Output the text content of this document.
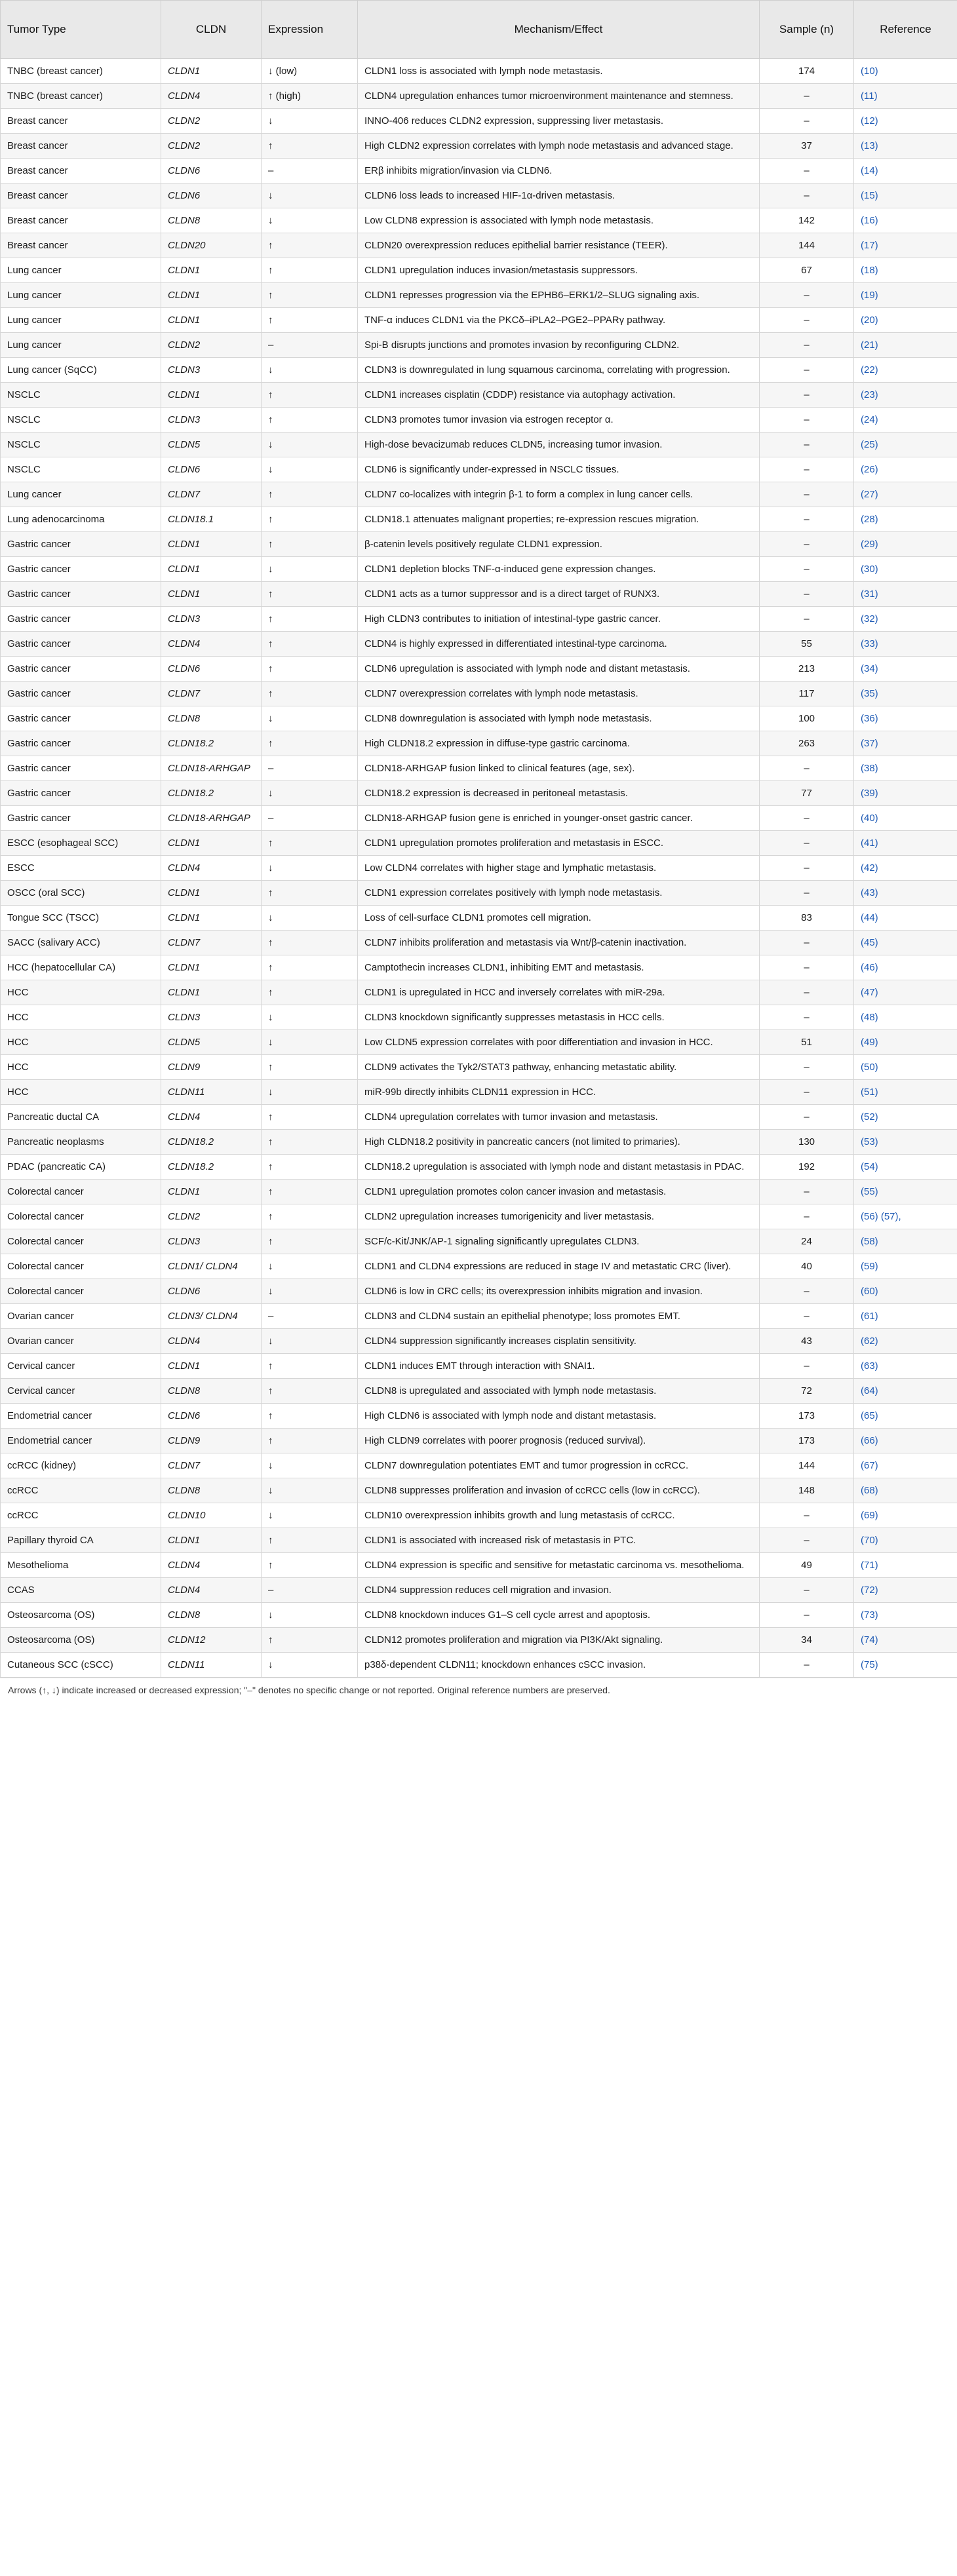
Tumor Type	CLDN	Expression	Mechanism/Effect	Sample (n)	Reference
TNBC (breast cancer)	CLDN1	↓ (low)	CLDN1 loss is associated with lymph node metastasis.	174	(10)
TNBC (breast cancer)	CLDN4	↑ (high)	CLDN4 upregulation enhances tumor microenvironment maintenance and stemness.	–	(11)
Breast cancer	CLDN2	↓	INNO-406 reduces CLDN2 expression, suppressing liver metastasis.	–	(12)
Breast cancer	CLDN2	↑	High CLDN2 expression correlates with lymph node metastasis and advanced stage.	37	(13)
Breast cancer	CLDN6	–	ERβ inhibits migration/invasion via CLDN6.	–	(14)
Breast cancer	CLDN6	↓	CLDN6 loss leads to increased HIF-1α-driven metastasis.	–	(15)
Breast cancer	CLDN8	↓	Low CLDN8 expression is associated with lymph node metastasis.	142	(16)
Breast cancer	CLDN20	↑	CLDN20 overexpression reduces epithelial barrier resistance (TEER).	144	(17)
Lung cancer	CLDN1	↑	CLDN1 upregulation induces invasion/metastasis suppressors.	67	(18)
Lung cancer	CLDN1	↑	CLDN1 represses progression via the EPHB6–ERK1/2–SLUG signaling axis.	–	(19)
Lung cancer	CLDN1	↑	TNF-α induces CLDN1 via the PKCδ–iPLA2–PGE2–PPARγ pathway.	–	(20)
Lung cancer	CLDN2	–	Spi-B disrupts junctions and promotes invasion by reconfiguring CLDN2.	–	(21)
Lung cancer (SqCC)	CLDN3	↓	CLDN3 is downregulated in lung squamous carcinoma, correlating with progression.	–	(22)
NSCLC	CLDN1	↑	CLDN1 increases cisplatin (CDDP) resistance via autophagy activation.	–	(23)
NSCLC	CLDN3	↑	CLDN3 promotes tumor invasion via estrogen receptor α.	–	(24)
NSCLC	CLDN5	↓	High-dose bevacizumab reduces CLDN5, increasing tumor invasion.	–	(25)
NSCLC	CLDN6	↓	CLDN6 is significantly under-expressed in NSCLC tissues.	–	(26)
Lung cancer	CLDN7	↑	CLDN7 co-localizes with integrin β-1 to form a complex in lung cancer cells.	–	(27)
Lung adenocarcinoma	CLDN18.1	↑	CLDN18.1 attenuates malignant properties; re-expression rescues migration.	–	(28)
Gastric cancer	CLDN1	↑	β-catenin levels positively regulate CLDN1 expression.	–	(29)
Gastric cancer	CLDN1	↓	CLDN1 depletion blocks TNF-α-induced gene expression changes.	–	(30)
Gastric cancer	CLDN1	↑	CLDN1 acts as a tumor suppressor and is a direct target of RUNX3.	–	(31)
Gastric cancer	CLDN3	↑	High CLDN3 contributes to initiation of intestinal-type gastric cancer.	–	(32)
Gastric cancer	CLDN4	↑	CLDN4 is highly expressed in differentiated intestinal-type carcinoma.	55	(33)
Gastric cancer	CLDN6	↑	CLDN6 upregulation is associated with lymph node and distant metastasis.	213	(34)
Gastric cancer	CLDN7	↑	CLDN7 overexpression correlates with lymph node metastasis.	117	(35)
Gastric cancer	CLDN8	↓	CLDN8 downregulation is associated with lymph node metastasis.	100	(36)
Gastric cancer	CLDN18.2	↑	High CLDN18.2 expression in diffuse-type gastric carcinoma.	263	(37)
Gastric cancer	CLDN18-ARHGAP	–	CLDN18-ARHGAP fusion linked to clinical features (age, sex).	–	(38)
Gastric cancer	CLDN18.2	↓	CLDN18.2 expression is decreased in peritoneal metastasis.	77	(39)
Gastric cancer	CLDN18-ARHGAP	–	CLDN18-ARHGAP fusion gene is enriched in younger-onset gastric cancer.	–	(40)
ESCC (esophageal SCC)	CLDN1	↑	CLDN1 upregulation promotes proliferation and metastasis in ESCC.	–	(41)
ESCC	CLDN4	↓	Low CLDN4 correlates with higher stage and lymphatic metastasis.	–	(42)
OSCC (oral SCC)	CLDN1	↑	CLDN1 expression correlates positively with lymph node metastasis.	–	(43)
Tongue SCC (TSCC)	CLDN1	↓	Loss of cell-surface CLDN1 promotes cell migration.	83	(44)
SACC (salivary ACC)	CLDN7	↑	CLDN7 inhibits proliferation and metastasis via Wnt/β-catenin inactivation.	–	(45)
HCC (hepatocellular CA)	CLDN1	↑	Camptothecin increases CLDN1, inhibiting EMT and metastasis.	–	(46)
HCC	CLDN1	↑	CLDN1 is upregulated in HCC and inversely correlates with miR-29a.	–	(47)
HCC	CLDN3	↓	CLDN3 knockdown significantly suppresses metastasis in HCC cells.	–	(48)
HCC	CLDN5	↓	Low CLDN5 expression correlates with poor differentiation and invasion in HCC.	51	(49)
HCC	CLDN9	↑	CLDN9 activates the Tyk2/STAT3 pathway, enhancing metastatic ability.	–	(50)
HCC	CLDN11	↓	miR-99b directly inhibits CLDN11 expression in HCC.	–	(51)
Pancreatic ductal CA	CLDN4	↑	CLDN4 upregulation correlates with tumor invasion and metastasis.	–	(52)
Pancreatic neoplasms	CLDN18.2	↑	High CLDN18.2 positivity in pancreatic cancers (not limited to primaries).	130	(53)
PDAC (pancreatic CA)	CLDN18.2	↑	CLDN18.2 upregulation is associated with lymph node and distant metastasis in PDAC.	192	(54)
Colorectal cancer	CLDN1	↑	CLDN1 upregulation promotes colon cancer invasion and metastasis.	–	(55)
Colorectal cancer	CLDN2	↑	CLDN2 upregulation increases tumorigenicity and liver metastasis.	–	(56) (57),
Colorectal cancer	CLDN3	↑	SCF/c-Kit/JNK/AP-1 signaling significantly upregulates CLDN3.	24	(58)
Colorectal cancer	CLDN1/ CLDN4	↓	CLDN1 and CLDN4 expressions are reduced in stage IV and metastatic CRC (liver).	40	(59)
Colorectal cancer	CLDN6	↓	CLDN6 is low in CRC cells; its overexpression inhibits migration and invasion.	–	(60)
Ovarian cancer	CLDN3/ CLDN4	–	CLDN3 and CLDN4 sustain an epithelial phenotype; loss promotes EMT.	–	(61)
Ovarian cancer	CLDN4	↓	CLDN4 suppression significantly increases cisplatin sensitivity.	43	(62)
Cervical cancer	CLDN1	↑	CLDN1 induces EMT through interaction with SNAI1.	–	(63)
Cervical cancer	CLDN8	↑	CLDN8 is upregulated and associated with lymph node metastasis.	72	(64)
Endometrial cancer	CLDN6	↑	High CLDN6 is associated with lymph node and distant metastasis.	173	(65)
Endometrial cancer	CLDN9	↑	High CLDN9 correlates with poorer prognosis (reduced survival).	173	(66)
ccRCC (kidney)	CLDN7	↓	CLDN7 downregulation potentiates EMT and tumor progression in ccRCC.	144	(67)
ccRCC	CLDN8	↓	CLDN8 suppresses proliferation and invasion of ccRCC cells (low in ccRCC).	148	(68)
ccRCC	CLDN10	↓	CLDN10 overexpression inhibits growth and lung metastasis of ccRCC.	–	(69)
Papillary thyroid CA	CLDN1	↑	CLDN1 is associated with increased risk of metastasis in PTC.	–	(70)
Mesothelioma	CLDN4	↑	CLDN4 expression is specific and sensitive for metastatic carcinoma vs. mesothelioma.	49	(71)
CCAS	CLDN4	–	CLDN4 suppression reduces cell migration and invasion.	–	(72)
Osteosarcoma (OS)	CLDN8	↓	CLDN8 knockdown induces G1–S cell cycle arrest and apoptosis.	–	(73)
Osteosarcoma (OS)	CLDN12	↑	CLDN12 promotes proliferation and migration via PI3K/Akt signaling.	34	(74)
Cutaneous SCC (cSCC)	CLDN11	↓	p38δ-dependent CLDN11; knockdown enhances cSCC invasion.	–	(75)
Arrows (↑, ↓) indicate increased or decreased expression; "–" denotes no specific change or not reported. Original reference numbers are preserved.
